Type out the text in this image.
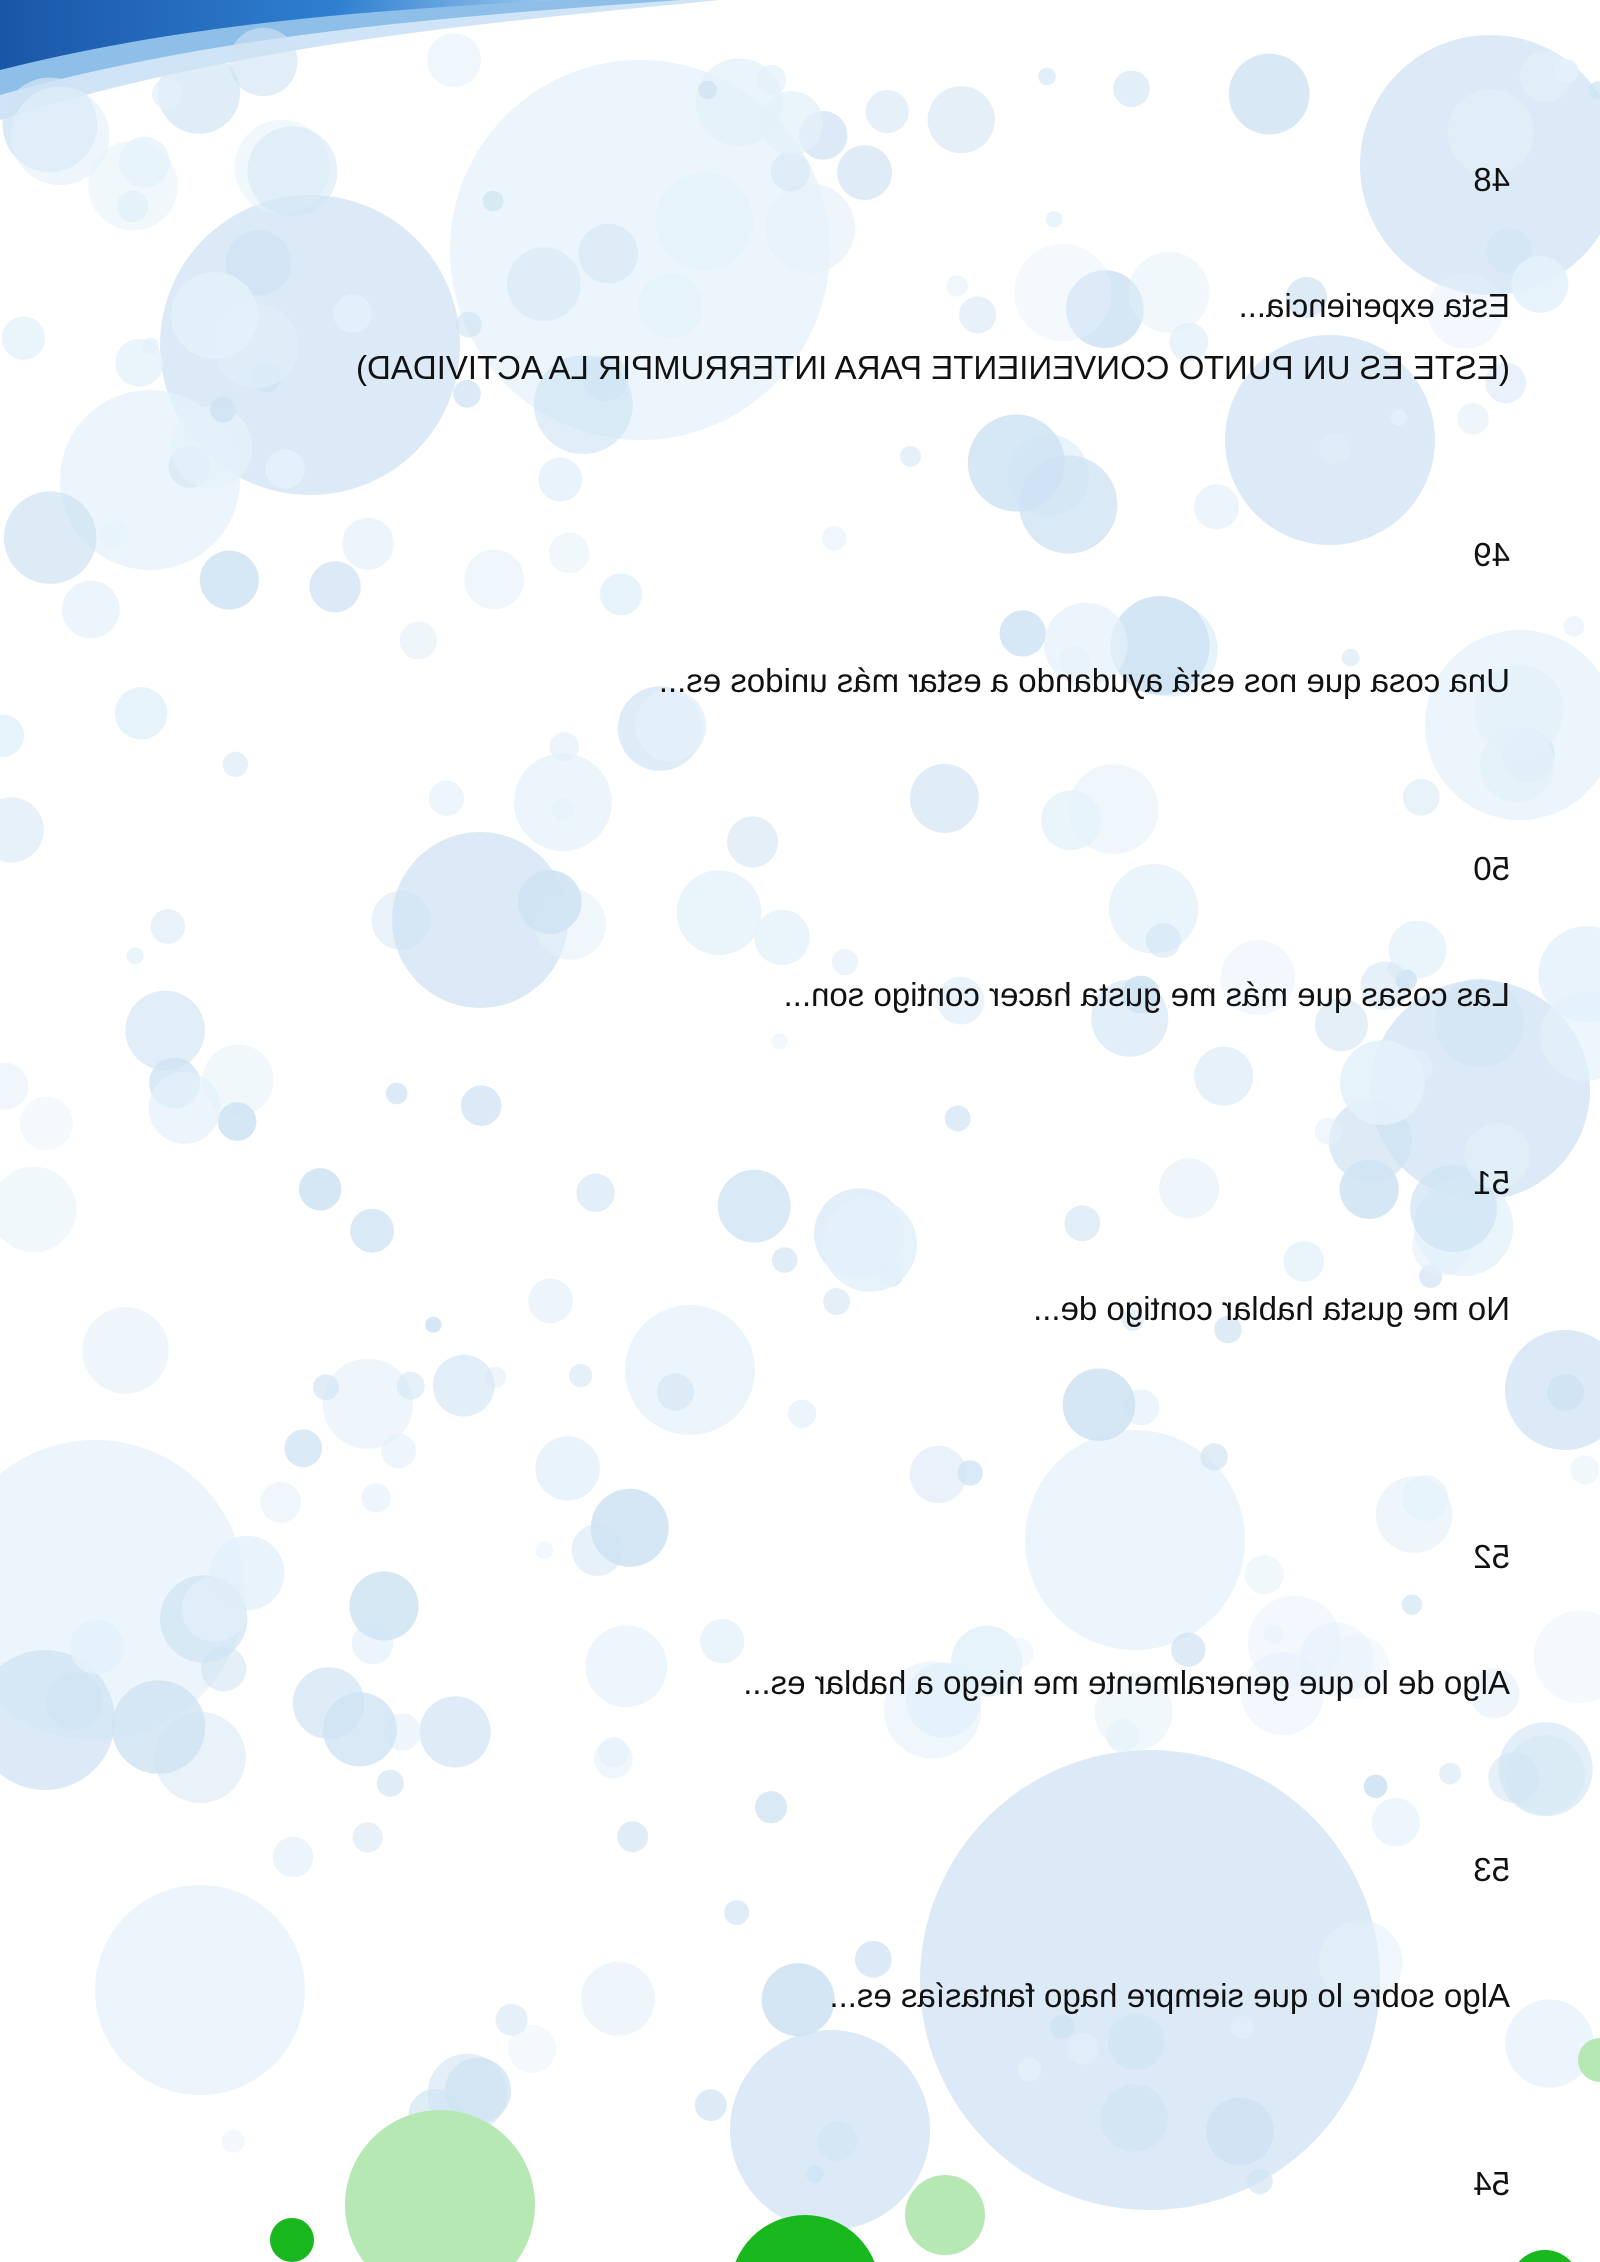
48
Esta experiencia...
(ESTE ES UN PUNTO CONVENIENTE PARA INTERRUMPIR LA ACTIVIDAD)
49
Una cosa que nos está ayudando a estar más unidos es...
50
Las cosas que más me gusta hacer contigo son...
51
No me gusta hablar contigo de...
52
Algo de lo que generalmente me niego a hablar es...
53
Algo sobre lo que siempre hago fantasías es...
54
